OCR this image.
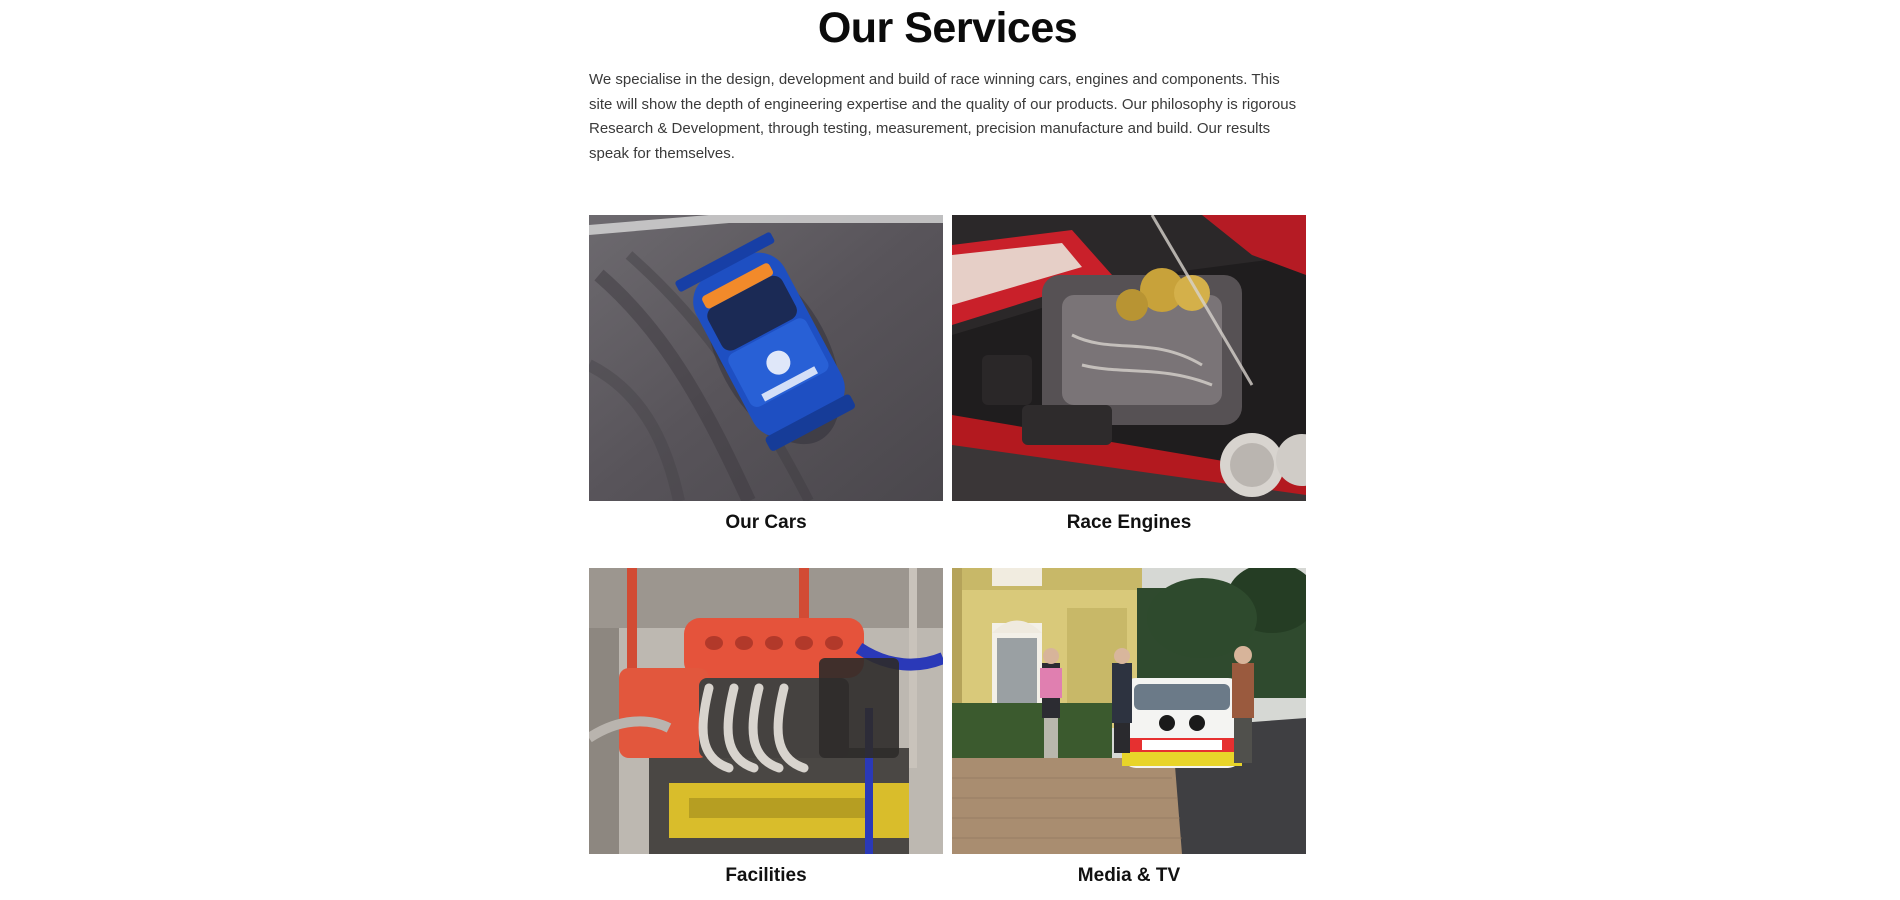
Our Services

We specialise in the design, development and build of race winning cars, engines and components. This site will show the depth of engineering expertise and the quality of our products. Our philosophy is rigorous Research & Development, through testing, measurement, precision manufacture and build. Our results speak for themselves.

Our Cars	Race Engines
Facilities	Media & TV
